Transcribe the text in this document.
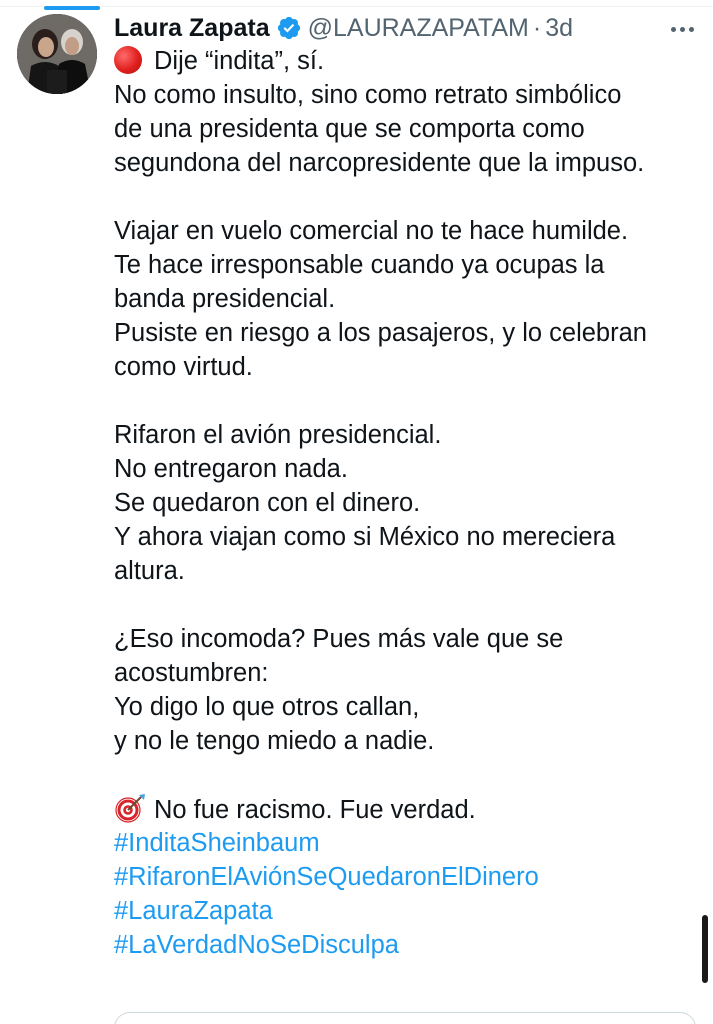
Laura Zapata @LAURAZAPATAM · 3d
Dije “indita”, sí.
No como insulto, sino como retrato simbólico
de una presidenta que se comporta como
segundona del narcopresidente que la impuso.
Viajar en vuelo comercial no te hace humilde.
Te hace irresponsable cuando ya ocupas la
banda presidencial.
Pusiste en riesgo a los pasajeros, y lo celebran
como virtud.
Rifaron el avión presidencial.
No entregaron nada.
Se quedaron con el dinero.
Y ahora viajan como si México no mereciera
altura.
¿Eso incomoda? Pues más vale que se
acostumbren:
Yo digo lo que otros callan,
y no le tengo miedo a nadie.
No fue racismo. Fue verdad.
#InditaSheinbaum
#RifaronElAviónSeQuedaronElDinero
#LauraZapata
#LaVerdadNoSeDisculpa
